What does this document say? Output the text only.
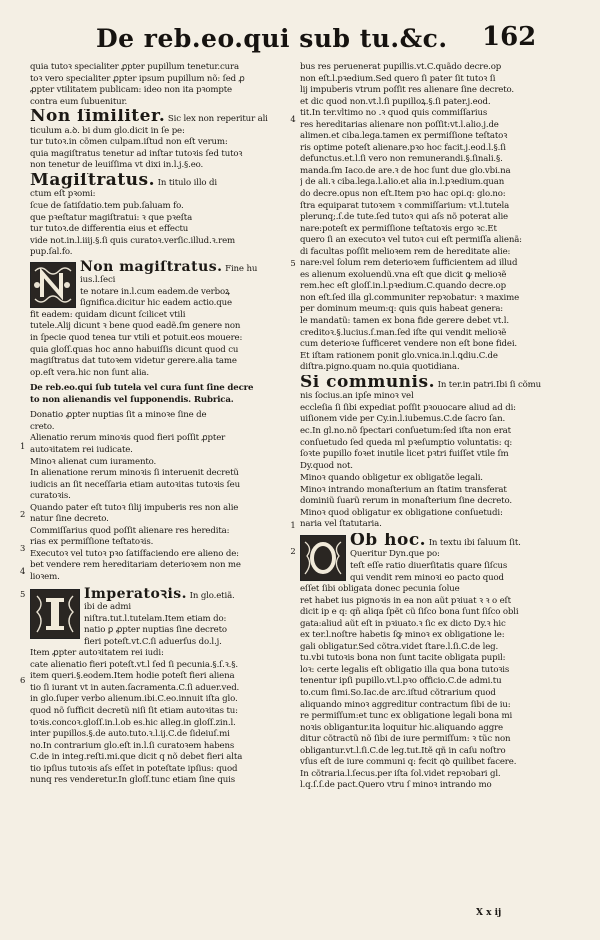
De reb.eo.qui sub tu.&c. 162
quia tutoꝛ specialiter ꝓpter pupillum tenetur.cura
toꝛ vero specialiter ꝓpter ipsum pupillum nõ: ſed ꝓ
ꝓpter vtilitatem publicam: ideo non ita pꝛompte
contra eum ſubuenitur.
Non ſimiliter. Sic lex non reperitur ali
ticulum a.ꝺ. bi dum glo.dicit in ſe pe:
tur tutoꝛ.in cõmen culpam.iſtud non eſt verum:
quia magiſtratus tenetur ad inſtar tutoꝛis ſed tutoꝛ
non tenetur de leuiſſima vt dixi in.l.j.§.eo.
Magiſtratus. In titulo illo di
ctum eſt pꝛomi:
ſcue de ſatiſdatio.tem pub.ſaluam fo.
que pꝛeſtatur magiſtratui: ꝛ que pꝛeſta
tur tutoꝛ.de differentia eius et effectu
vide not.in.l.iiij.§.ſi quis curatoꝛ.verſic.illud.ꝛ.rem
pup.ſal.fo.
Non magiſtratus. Fine hu
ius.l.ſeci
te notare in.l.cum eadem.de verboꝝ
ſignifica.dicitur hic eadem actio.que
fit eadem: quidam dicunt ſcilicet vtili
tutele.Alij dicunt ꝛ bene quod eadẽ.ſm genere non
in ſpecie quod tenea tur vtili et potuit.eos mouere:
quia gloſſ.quas hoc anno habuiſſis dicunt quod cu
magiſtratus dat tutoꝛem videtur gerere.alia tame
op.eſt vera.hic non ſunt alia.
De reb.eo.qui ſub tutela vel cura ſunt ſine decre
to non alienandis vel ſupponendis. Rubrica.
Donatio ꝓpter nuptias ſit a minoꝛe ſine de
creto.
Alienatio rerum minoꝛis quod fieri poſſit ꝓpter
autoꝛitatem rei iudicate.
Minoꝛ alienat cum iuramento.
In alienatione rerum minoꝛis ſi interuenit decretũ
iudicis an ſit neceſſaria etiam autoꝛitas tutoꝛis ſeu
curatoꝛis.
Quando pater eſt tutoꝛ ſilij impuberis res non alie
natur ſine decreto.
Commiſſarius quod poſſit alienare res heredita:
rias ex permiſſione teſtatoꝛis.
Executoꝛ vel tutoꝛ pꝛo ſatiſfaciendo ere alieno de:
bet vendere rem hereditariam deterioꝛem non me
lioꝛem.
Imperatoꝛis. In glo.etiã.
ibi de admi
niſtra.tut.l.tutelam.Item etiam do:
natio ꝑ ꝓpter nuptias ſine decreto
fieri poteſt.vt.C.ſi aduerſus do.l.j.
Item ꝓpter autoꝛitatem rei iudi:
cate alienatio fieri poteſt.vt.l ſed ſi pecunia.§.ſ.ꝛ.§.
item queri.§.eodem.Item hodie poteſt fieri aliena
tio ſi iurant vt in auten.ſacramenta.C.ſi aduer.ved.
in glo.ſuper verbo alienum.ibi.C.eo.innuit iſta glo.
quod nõ ſufficit decretũ niſi ſit etiam autoꝛitas tu:
toꝛis.concoꝛ.gloſſ.in.l.ob es.hic alleg.in gloſſ.zin.l.
inter pupillos.§.de auto.tuto.ꝛ.l.ij.C.de ſideiuſ.mi
no.In contrarium glo.eſt in.l.ſi curatoꝛem habens
C.de in integ.reſti.mi.que dicit q nõ debet fieri alta
tio ipſius tutoꝛis aſs eſſet in poteſtate ipſius: quod
nunq res venderetur.In gloſſ.tunc etiam ſine quis
4
5
1
2
1
2
3
4
5
6
bus res peruenerat pupillis.vt.C.quãdo decre.op
non eſt.l.pꝛedium.Sed quero ſi pater ſit tutoꝛ ſi
lij impuberis vtrum poſſit res alienare ſine decreto.
et dic quod non.vt.l.ſi pupilloꝝ.§.ſi pater.j.eod.
tit.In ter.vltimo no .ꝛ quod quis commiſſarius
res hereditarias alienare non poſſit:vt.l.alio.j.de
alimen.et ciba.lega.tamen ex permiſſione teſtatoꝛ
ris optime poteſt alienare.pꝛo hoc facit.j.eod.l.§.ſi
defunctus.et.l.ſi vero non remunerandi.§.ſinali.§.
manda.ſm Iaco.de are.ꝛ de hoc ſunt due glo.vbi.na
j de ali.ꝛ ciba.lega.l.alio.et alia in.l.pꝛedium.quan
do decre.opus non eſt.Item pꝛo hac opi.q: glo.no:
ſtra equiparat tutoꝛem ꝛ commiſſarium: vt.l.tutela
plerunq;.ſ.de tute.ſed tutoꝛ qui aſs nõ poterat alie
nare:poteſt ex permiſſione teſtatoꝛis ergo ꝛc.Et
quero ſi an executoꝛ vel tutoꝛ cui eſt permiſſa alienã:
di facultas poſſit melioꝛem rem de hereditate alie:
nare:vel ſolum rem deterioꝛem ſufficientem ad illud
es alienum exoluendũ.vna eſt que dicit ꝙ melioꝛẽ
rem.hec eſt gloſſ.in.l.pꝛedium.C.quando decre.op
non eſt.ſed illa gl.communiter repꝛobatur: ꝛ maxime
per dominum meum:q: quis quis habeat genera:
le mandatũ: tamen ex bona fide gerere debet vt.l.
creditoꝛ.§.lucius.ſ.man.ſed iſte qui vendit melioꝛẽ
cum deterioꝛe ſufficeret vendere non eſt bone fidei.
Et iſtam rationem ponit glo.vnica.in.l.ꝗdiu.C.de
diſtra.pigno.quam no.quia quotidiana.
Si communis. In ter.in patri.Ibi ſi cõmu
nis ſocius.an ipſe minoꝛ vel
eccleſia ſi ſibi expediat poſſit pꝛouocare aliud ad di:
uiſionem vide per Cy.in.l.iubemus.C.de ſacro ſan.
ec.In gl.no.nõ ſpectari conſuetum:ſed iſta non erat
conſuetudo ſed queda ml pꝛeſumptio voluntatis: q:
ſoꝛte pupillo foꝛet inutile licet pꝛtri fuiſſet vtile ſm
Dy.quod not.
Minoꝛ quando obligetur ex obligatõe legali.
Minoꝛ intrando monaſterium an ſtatim transferat
dominiũ ſuarũ rerum in monaſterium ſine decreto.
Minoꝛ quod obligatur ex obligatione conſuetudi:
naria vel ſtatutaria.
Ob hoc. In textu ibi ſaluum ſit.
Queritur Dyn.que po:
teſt eſſe ratio diuerſitatis quare ſiſcus
qui vendit rem minoꝛi eo pacto quod
eſſet ſibi obligata donec pecunia ſolue
ret habet ius pignoꝛis in ea non aũt pꝛiuat ꝛ ꝛ o eſt
dicit ip e q: qñ aliqa ſpẽt cũ ſiſco bona ſunt ſiſco obli
gata:aliud aũt eſt in pꝛiuato.ꝛ ſic ex dicto Dy.ꝛ hic
ex ter.l.noſtre habetis ſꝙ minoꝛ ex obligatione le:
gali obligatur.Sed cõtra.videt ſtare.l.ſi.C.de leg.
tu.vbi tutoꝛis bona non ſunt tacite obligata pupil:
loꝛ: certe legalis eſt obligatio illa qua bona tutoꝛis
tenentur ipſi pupillo.vt.l.pꝛo officio.C.de admi.tu
to.cum ſimi.So.Iac.de arc.iſtud cõtrarium quod
aliquando minoꝛ aggreditur contractum ſibi de iu:
re permiſſum:et tunc ex obligatione legali bona mi
noꝛis obligantur.ita loquitur hic.aliquando aggre
ditur cõtractũ nõ ſibi de iure permiſſum: ꝛ tũc non
obligantur.vt.l.ſi.C.de leg.tut.Itẽ qñ in caſu noſtro
vſus eſt de iure communi q: fecit qꝺ quilibet facere.
In cõtraria.l.ſecus.per iſta ſol.videt repꝛobari gl.
l.q.ſ.ſ.de pact.Quero vtru ſ minoꝛ intrando mo
X x ij
